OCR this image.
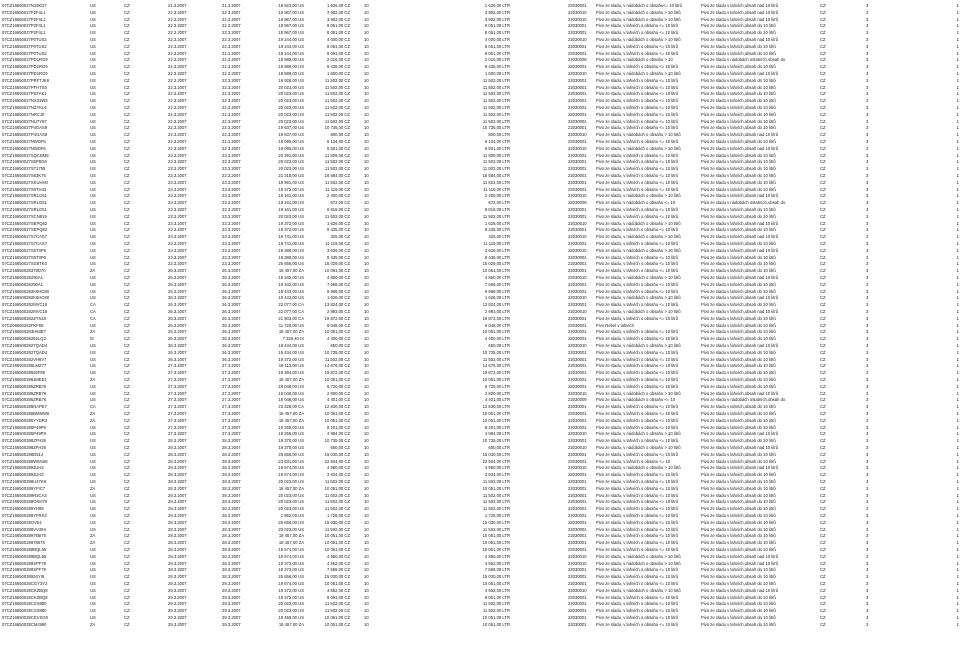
07CZ16650027N18KD7	US	CZ	21.3.2007	21.3.2007	18 923,00 US	1 626,00 CZ	10	1 626,00 LTR	22030001	Pivo ze sladu, v nádobách o obsahu<= 10 litrů	Pivo ze sladu v lahvích,obsah nad 10 litrů	CZ	3	1
07CZ16650027P2F4L1	US	CZ	22.3.2007	22.3.2007	18 967,00 US	3 902,00 CZ	10	3 902,00 LTR	22030010	Pivo ze sladu, v nádobách o obsahu > 10 litrů	Pivo ze sladu v lahvích,obsah nad 10 litrů	CZ	3	1
07CZ16650027P2F4L1	US	CZ	22.3.2007	22.3.2007	18 967,00 US	3 902,00 CZ	10	3 902,00 LTR	22030010	Pivo ze sladu, v nádobách o obsahu > 10 litrů	Pivo ze sladu v lahvích,obsah nad 10 litrů	CZ	3	1
07CZ16650027P2F4L1	US	CZ	22.3.2007	22.3.2007	18 967,00 US	8 051,00 CZ	10	8 051,00 LTR	22030001	Pivo ze sladu, v lahvích o obsahu <= 10 litrů	Pivo ze sladu v lahvích,obsah do 10 litrů	CZ	3	1
07CZ16650027P2F4L1	US	CZ	22.3.2007	22.3.2007	18 967,00 US	8 051,00 CZ	10	8 051,00 LTR	22030001	Pivo ze sladu, v lahvích o obsahu <= 10 litrů	Pivo ze sladu v lahvích,obsah do 10 litrů	CZ	3	1
07CZ16650027P0TUS2	US	CZ	22.3.2007	22.3.2007	19 244,00 US	4 000,00 CZ	10	4 000,00 LTR	22030010	Pivo ze sladu, v nádobách o obsahu > 10 litrů	Pivo ze sladu v lahvích,obsah nad 10 litrů	CZ	3	1
07CZ16650027P0TUS2	US	CZ	22.3.2007	22.3.2007	19 244,00 US	8 051,00 CZ	10	8 051,00 LTR	22030001	Pivo ze sladu, v lahvích o obsahu <= 10 litrů	Pivo ze sladu v lahvích,obsah do 10 litrů	CZ	3	1
07CZ16650027P0TUS2	US	CZ	22.3.2007	22.3.2007	19 244,00 US	8 051,00 CZ	10	8 051,00 LTR	22030001	Pivo ze sladu, v lahvích o obsahu <= 10 litrů	Pivo ze sladu v lahvích,obsah do 10 litrů	CZ	3	1
07CZ16650027PD1RG9	US	CZ	22.3.2007	22.3.2007	18 989,00 US	2 016,00 CZ	10	2 016,00 LTR	22030009	Pivo ze sladu, v nádobách o obsahu > 10	Pivo ze sladu v nádobách ostatních,obsah do	CZ	3	1
07CZ16650027PD1RG9	US	CZ	22.3.2007	22.3.2007	18 989,00 US	8 435,00 CZ	10	8 435,00 LTR	22030001	Pivo ze sladu, v lahvích o obsahu <= 10 litrů	Pivo ze sladu v lahvích,obsah do 10 litrů	CZ	3	1
07CZ16650027PD1RG9	US	CZ	22.3.2007	22.3.2007	18 989,00 US	1 600,00 CZ	10	1 600,00 LTR	22030010	Pivo ze sladu, v nádobách o obsahu > 10 litrů	Pivo ze sladu v lahvích,obsah nad 10 litrů	CZ	3	1
07CZ16650027PRFTJK9	US	CZ	22.3.2007	22.3.2007	19 926,00 US	11 502,00 CZ	10	11 502,00 LTR	22030001	Pivo ze sladu, v lahvích o obsahu <= 10 litrů	Pivo ze sladu v lahvích,obsah do 10 litrů	CZ	3	1
07CZ16650027PFHTS0	US	CZ	22.3.2007	22.3.2007	20 023,00 US	11 502,00 CZ	10	11 502,00 LTR	22030001	Pivo ze sladu, v lahvích o obsahu <= 10 litrů	Pivo ze sladu v lahvích,obsah do 10 litrů	CZ	3	1
07CZ16650027PSFAK1	US	CZ	22.3.2007	22.3.2007	20 023,00 US	11 502,00 CZ	10	11 502,00 LTR	22030001	Pivo ze sladu, v lahvích o obsahu <= 10 litrů	Pivo ze sladu v lahvích,obsah do 10 litrů	CZ	3	1
07CZ16650027NX31W3	US	CZ	22.3.2007	22.3.2007	20 023,00 US	11 502,00 CZ	10	11 502,00 LTR	22030001	Pivo ze sladu, v lahvích o obsahu <= 10 litrů	Pivo ze sladu v lahvích,obsah do 10 litrů	CZ	3	1
07CZ16650027NZYKL6	US	CZ	22.3.2007	22.3.2007	20 023,00 US	11 502,00 CZ	10	11 502,00 LTR	22030001	Pivo ze sladu, v lahvích o obsahu <= 10 litrů	Pivo ze sladu v lahvích,obsah do 10 litrů	CZ	3	1
07CZ16650027NRCJ0	US	CZ	22.3.2007	22.3.2007	20 023,00 US	11 502,00 CZ	10	11 502,00 LTR	22030001	Pivo ze sladu, v lahvích o obsahu <= 10 litrů	Pivo ze sladu v lahvích,obsah do 10 litrů	CZ	3	1
07CZ16650027NU7Y97	US	CZ	22.3.2007	22.3.2007	20 023,00 US	11 502,00 CZ	10	11 502,00 LTR	22030001	Pivo ze sladu, v lahvích o obsahu <= 10 litrů	Pivo ze sladu v lahvích,obsah do 10 litrů	CZ	3	1
07CZ16650027P4GAS8	US	CZ	22.3.2007	22.3.2007	19 637,00 US	10 735,00 CZ	10	10 735,00 LTR	22030001	Pivo ze sladu, v lahvích o obsahu <= 10 litrů	Pivo ze sladu v lahvích,obsah do 10 litrů	CZ	3	1
07CZ16650027P4GAS8	US	CZ	22.3.2007	22.3.2007	19 637,00 US	800,00 CZ	10	800,00 LTR	22030010	Pivo ze sladu, v nádobách o obsahu > 10 litrů	Pivo ze sladu v lahvích,obsah nad 10 litrů	CZ	3	1
07CZ16650027NWDF6	US	CZ	22.3.2007	22.3.2007	19 095,00 US	6 134,00 CZ	10	6 134,00 LTR	22030001	Pivo ze sladu, v lahvích o obsahu <= 10 litrů	Pivo ze sladu v lahvích,obsah do 10 litrů	CZ	3	1
07CZ16650027NWDF6	US	CZ	22.3.2007	22.3.2007	19 095,00 US	6 501,00 CZ	10	6 501,00 LTR	22030010	Pivo ze sladu, v nádobách o obsahu > 10 litrů	Pivo ze sladu v lahvích,obsah nad 10 litrů	CZ	3	1
07CZ16650027SQCBM9	US	CZ	23.3.2007	23.3.2007	20 391,00 US	11 809,00 CZ	10	11 809,00 LTR	22030001	Pivo ze sladu, v lahvích o obsahu <= 10 litrů	Pivo ze sladu v lahvích,obsah do 10 litrů	CZ	3	1
07CZ16650027S5P8G8	US	CZ	23.3.2007	23.3.2007	20 023,00 US	11 502,00 CZ	10	11 502,00 LTR	22030001	Pivo ze sladu, v lahvích o obsahu <= 10 litrů	Pivo ze sladu v lahvích,obsah do 10 litrů	CZ	3	1
07CZ16650027S71755	US	CZ	23.3.2007	23.3.2007	20 023,00 US	11 502,00 CZ	10	11 502,00 LTR	22030001	Pivo ze sladu, v lahvích o obsahu <= 10 litrů	Pivo ze sladu v lahvích,obsah do 10 litrů	CZ	3	1
07CZ16650027S63K76	US	CZ	23.3.2007	23.3.2007	21 318,00 US	16 584,00 CZ	10	16 584,00 LTR	22030001	Pivo ze sladu, v lahvích o obsahu <= 10 litrů	Pivo ze sladu v lahvích,obsah do 10 litrů	CZ	3	1
07CZ16650027SKUHH0	US	CZ	23.3.2007	23.3.2007	19 991,00 US	11 502,00 CZ	10	11 502,00 LTR	22030001	Pivo ze sladu, v lahvích o obsahu <= 10 litrů	Pivo ze sladu v lahvích,obsah do 10 litrů	CZ	3	1
07CZ16650027S9TH43	US	CZ	23.3.2007	23.3.2007	19 372,00 US	11 119,00 CZ	10	11 119,00 LTR	22030001	Pivo ze sladu, v lahvích o obsahu <= 10 litrů	Pivo ze sladu v lahvích,obsah do 10 litrů	CZ	3	1
07CZ16650027SRLG51	US	CZ	23.3.2007	23.3.2007	19 161,00 US	2 400,00 CZ	10	2 400,00 LTR	22030010	Pivo ze sladu, v nádobách o obsahu > 10 litrů	Pivo ze sladu v lahvích,obsah nad 10 litrů	CZ	3	1
07CZ16650027SRLG51	US	CZ	23.3.2007	23.3.2007	19 161,00 US	672,00 CZ	10	672,00 LTR	22030009	Pivo ze sladu, v nádobách o obsahu <= 10	Pivo ze sladu v nádobách ostatních,obsah do	CZ	3	1
07CZ16650027SRLG51	US	CZ	23.3.2007	23.3.2007	19 161,00 US	8 818,00 CZ	10	8 818,00 LTR	22030001	Pivo ze sladu, v lahvích o obsahu <= 10 litrů	Pivo ze sladu v lahvích,obsah do 10 litrů	CZ	3	1
07CZ16650027SCN919	US	CZ	23.3.2007	23.3.2007	20 023,00 US	11 502,00 CZ	10	11 502,00 LTR	22030001	Pivo ze sladu, v lahvích o obsahu <= 10 litrů	Pivo ze sladu v lahvích,obsah do 10 litrů	CZ	3	1
07CZ16650027SEPQ82	US	CZ	23.3.2007	23.3.2007	19 372,00 US	1 626,00 CZ	10	1 626,00 LTR	22030010	Pivo ze sladu, v nádobách o obsahu > 10 litrů	Pivo ze sladu v lahvích,obsah nad 10 litrů	CZ	3	1
07CZ16650027SEPQ82	US	CZ	23.3.2007	23.3.2007	19 372,00 US	8 435,00 CZ	10	8 435,00 LTR	22030001	Pivo ze sladu, v lahvích o obsahu <= 10 litrů	Pivo ze sladu v lahvích,obsah do 10 litrů	CZ	3	1
07CZ16650027S7CAS7	US	CZ	23.3.2007	23.3.2007	19 741,00 US	325,00 CZ	10	325,00 LTR	22030010	Pivo ze sladu, v nádobách o obsahu > 10 litrů	Pivo ze sladu v lahvích,obsah nad 10 litrů	CZ	3	1
07CZ16650027S7CAS7	US	CZ	23.3.2007	23.3.2007	19 741,00 US	11 119,00 CZ	10	11 119,00 LTR	22030001	Pivo ze sladu, v lahvích o obsahu <= 10 litrů	Pivo ze sladu v lahvích,obsah do 10 litrů	CZ	3	1
07CZ16650027S5T3P6	US	CZ	23.3.2007	23.3.2007	19 388,00 US	3 626,00 CZ	10	3 626,00 LTR	22030010	Pivo ze sladu, v nádobách o obsahu > 10 litrů	Pivo ze sladu v lahvích,obsah nad 10 litrů	CZ	3	1
07CZ16650027S5T3P6	US	CZ	23.3.2007	23.3.2007	19 388,00 US	8 435,00 CZ	10	8 435,00 LTR	22030001	Pivo ze sladu, v lahvích o obsahu <= 10 litrů	Pivo ze sladu v lahvích,obsah do 10 litrů	CZ	3	1
07CZ16650027SG8TK0	US	CZ	23.3.2007	23.3.2007	25 656,00 US	15 029,00 CZ	10	15 029,00 LTR	22030001	Pivo ze sladu, v lahvích o obsahu <= 10 litrů	Pivo ze sladu v lahvích,obsah do 10 litrů	CZ	3	1
07CZ16650028379D70	ZA	CZ	26.3.2007	26.3.2007	18 457,00 ZA	10 051,00 CZ	10	10 051,00 LTR	22030001	Pivo ze sladu, v lahvích o obsahu <= 10 litrů	Pivo ze sladu v lahvích,obsah do 10 litrů	CZ	3	1
07CZ16650028290A1	US	CZ	26.3.2007	26.3.2007	19 342,00 US	4 850,00 CZ	10	4 850,00 LTR	22030010	Pivo ze sladu, v nádobách o obsahu > 10 litrů	Pivo ze sladu v lahvích,obsah nad 10 litrů	CZ	3	1
07CZ16650028290A1	US	CZ	26.3.2007	26.3.2007	19 342,00 US	7 668,00 CZ	10	7 668,00 LTR	22030001	Pivo ze sladu, v lahvích o obsahu <= 10 litrů	Pivo ze sladu v lahvích,obsah do 10 litrů	CZ	3	1
07CZ166500282K6HC80	US	CZ	26.3.2007	26.3.2007	19 443,00 US	9 968,00 CZ	10	9 968,00 LTR	22030001	Pivo ze sladu, v lahvích o obsahu <= 10 litrů	Pivo ze sladu v lahvích,obsah do 10 litrů	CZ	3	1
07CZ166500282K6HC80	US	CZ	26.3.2007	26.3.2007	19 443,00 US	1 626,00 CZ	10	1 626,00 LTR	22030010	Pivo ze sladu, v nádobách o obsahu > 10 litrů	Pivo ze sladu v lahvích,obsah nad 10 litrů	CZ	3	1
07CZ166500282MVC16	CA	CZ	26.3.2007	26.3.2007	22 077,00 CA	13 824,00 CZ	10	13 824,00 LTR	22030001	Pivo ze sladu, v lahvích o obsahu <= 10 litrů	Pivo ze sladu v lahvích,obsah do 10 litrů	CZ	3	1
07CZ166500282MVC16	CA	CZ	26.3.2007	26.3.2007	22 077,00 CA	2 993,00 CZ	10	2 993,00 LTR	22030010	Pivo ze sladu, v nádobách o obsahu > 10 litrů	Pivo ze sladu v lahvích,obsah nad 10 litrů	CZ	3	1
07CZ166500282ZYN10	CA	CZ	26.3.2007	26.3.2007	21 903,00 CA	19 872,00 CZ	10	19 872,00 LTR	22030001	Pivo ze sladu, v lahvích o obsahu <= 10 litrů	Pivo ze sladu v lahvích,obsah do 10 litrů	CZ	3	1
07CZ06660282FKF69	US	CZ	26.3.2007	26.3.2007	11 720,00 US	6 048,00 CZ	10	6 048,00 LTR	22030001	Pivo Rebel v lahvích	Pivo ze sladu v lahvích,obsah do 10 litrů	CZ	3	1
07CZ166500283H93E7	ZA	CZ	26.3.2007	26.3.2007	18 457,00 ZA	10 051,00 CZ	10	10 051,00 LTR	22030001	Pivo ze sladu, v lahvích o obsahu <= 10 litrů	Pivo ze sladu v lahvích,obsah do 10 litrů	CZ	3	1
07CZ16650028262LQ3	IS	CZ	26.3.2007	26.3.2007	7 326,40 IS	4 400,00 CZ	10	4 400,00 LTR	22030001	Pivo ze sladu, v lahvích o obsahu <= 10 litrů	Pivo ze sladu v lahvích,obsah do 10 litrů	CZ	3	1
07CZ166500282TQAD4	US	CZ	26.3.2007	26.3.2007	19 434,00 US	650,00 CZ	10	650,00 LTR	22030010	Pivo ze sladu, v nádobách o obsahu > 10 litrů	Pivo ze sladu v lahvích,obsah nad 10 litrů	CZ	3	1
07CZ166500282TQAD4	US	CZ	26.3.2007	26.3.2007	19 434,00 US	10 735,00 CZ	10	10 735,00 LTR	22030001	Pivo ze sladu, v lahvích o obsahu <= 10 litrů	Pivo ze sladu v lahvích,obsah do 10 litrů	CZ	3	1
07CZ166500282VH8V7	US	CZ	26.3.2007	26.3.2007	19 372,00 US	11 502,00 CZ	10	11 502,00 LTR	22030001	Pivo ze sladu, v lahvích o obsahu <= 10 litrů	Pivo ze sladu v lahvích,obsah do 10 litrů	CZ	3	1
07CZ166500285LMZ77	US	CZ	27.3.2007	27.3.2007	19 113,00 US	14 676,00 CZ	10	14 676,00 LTR	22030001	Pivo ze sladu, v lahvích o obsahu <= 10 litrů	Pivo ze sladu v lahvích,obsah do 10 litrů	CZ	3	1
07CZ16650028592F86	US	CZ	27.3.2007	27.3.2007	19 394,00 US	19 872,00 CZ	10	19 872,00 LTR	22030001	Pivo ze sladu, v lahvích o obsahu <= 10 litrů	Pivo ze sladu v lahvích,obsah do 10 litrů	CZ	3	1
07CZ166500286JMEE1	ZA	CZ	27.3.2007	27.3.2007	18 457,00 ZA	10 051,00 CZ	10	10 051,00 LTR	22030001	Pivo ze sladu, v lahvích o obsahu <= 10 litrů	Pivo ze sladu v lahvích,obsah do 10 litrů	CZ	3	1
07CZ166500285ZRB76	US	CZ	27.3.2007	27.3.2007	19 048,00 US	6 720,00 CZ	10	6 720,00 LTR	22030001	Pivo ze sladu, v lahvích o obsahu <= 10 litrů	Pivo ze sladu v lahvích,obsah do 10 litrů	CZ	3	1
07CZ166500285ZRB76	US	CZ	27.3.2007	27.3.2007	19 048,00 US	2 800,00 CZ	10	2 800,00 LTR	22030010	Pivo ze sladu, v nádobách o obsahu > 10 litrů	Pivo ze sladu v lahvích,obsah nad 10 litrů	CZ	3	1
07CZ166500285ZRB76	US	CZ	27.3.2007	27.3.2007	19 048,00 US	4 401,00 CZ	10	4 401,00 LTR	22030009	Pivo ze sladu, v nádobách o obsahu <= 10	Pivo ze sladu v nádobách ostatních,obsah do	CZ	3	1
07CZ166500285NAPE7	CA	CZ	27.3.2007	27.3.2007	23 328,00 CA	12 830,00 CZ	10	12 830,00 LTR	22030001	Pivo ze sladu, v lahvích o obsahu <= 10 litrů	Pivo ze sladu v lahvích,obsah do 10 litrů	CZ	3	1
07CZ166500286BMMW6	ZA	CZ	27.3.2007	27.3.2007	18 457,00 ZA	10 051,00 CZ	10	10 051,00 LTR	22030001	Pivo ze sladu, v lahvích o obsahu <= 10 litrů	Pivo ze sladu v lahvích,obsah do 10 litrů	CZ	3	1
07CZ166500285YYDR3	ZA	CZ	27.3.2007	27.3.2007	18 457,00 ZA	10 051,00 CZ	10	10 051,00 LTR	22030001	Pivo ze sladu, v lahvích o obsahu <= 10 litrů	Pivo ze sladu v lahvích,obsah do 10 litrů	CZ	3	1
07CZ166500285P49P9	US	CZ	27.3.2007	27.3.2007	19 255,00 US	8 201,00 CZ	10	8 201,00 LTR	22030001	Pivo ze sladu, v lahvích o obsahu <= 10 litrů	Pivo ze sladu v lahvích,obsah do 10 litrů	CZ	3	1
07CZ166500285P49P9	US	CZ	27.3.2007	27.3.2007	19 255,00 US	4 984,00 CZ	10	4 984,00 LTR	22030010	Pivo ze sladu, v nádobách o obsahu > 10 litrů	Pivo ze sladu v lahvích,obsah nad 10 litrů	CZ	3	1
07CZ166500288ZFH26	US	CZ	28.3.2007	28.3.2007	19 370,00 US	10 735,00 CZ	10	10 735,00 LTR	22030001	Pivo ze sladu, v lahvích o obsahu <= 10 litrů	Pivo ze sladu v lahvích,obsah do 10 litrů	CZ	3	1
07CZ166500288ZFH26	US	CZ	28.3.2007	28.3.2007	19 370,00 US	650,00 CZ	10	650,00 LTR	22030010	Pivo ze sladu, v nádobách o obsahu > 10 litrů	Pivo ze sladu v lahvích,obsah nad 10 litrů	CZ	3	1
07CZ166500288D514	US	CZ	28.3.2007	28.3.2007	25 656,00 US	15 030,00 CZ	10	15 030,00 LTR	22030001	Pivo ze sladu, v lahvích o obsahu <= 10 litrů	Pivo ze sladu v lahvích,obsah do 10 litrů	CZ	3	1
07CZ166500288W5NS8	US	CZ	28.3.2007	28.3.2007	23 631,00 US	22 504,00 CZ	10	22 504,00 LTR	22030001	Pivo ze sladu, v lahvích o obsahu <= 10	Pivo ze sladu v lahvích,obsah do 10 litrů	CZ	3	1
07CZ166500289JUH2	US	CZ	28.3.2007	28.3.2007	19 574,00 US	4 950,00 CZ	10	4 950,00 LTR	22030010	Pivo ze sladu, v nádobách o obsahu > 10 litrů	Pivo ze sladu v lahvích,obsah nad 10 litrů	CZ	3	1
07CZ166500289JUH2	US	CZ	28.3.2007	28.3.2007	19 574,00 US	3 834,00 CZ	10	3 834,00 LTR	22030001	Pivo ze sladu, v lahvích o obsahu <= 10 litrů	Pivo ze sladu v lahvích,obsah do 10 litrů	CZ	3	1
07CZ166500288U47K9	US	CZ	28.3.2007	28.3.2007	20 023,00 US	11 502,00 CZ	10	11 502,00 LTR	22030001	Pivo ze sladu, v lahvích o obsahu <= 10 litrů	Pivo ze sladu v lahvích,obsah do 10 litrů	CZ	3	1
07CZ166500289YFIC7	ZA	CZ	28.3.2007	28.3.2007	18 457,00 ZA	10 051,00 CZ	10	10 051,00 LTR	22030001	Pivo ze sladu, v lahvích o obsahu <= 10 litrů	Pivo ze sladu v lahvích,obsah do 10 litrů	CZ	3	1
07CZ166500289R2CA3	US	CZ	28.3.2007	28.3.2007	20 023,00 US	11 502,00 CZ	10	11 502,00 LTR	22030001	Pivo ze sladu, v lahvích o obsahu <= 10 litrů	Pivo ze sladu v lahvích,obsah do 10 litrů	CZ	3	1
07CZ166500289ONH70	US	CZ	28.3.2007	28.3.2007	20 023,00 US	11 502,00 CZ	10	11 502,00 LTR	22030001	Pivo ze sladu, v lahvích o obsahu <= 10 litrů	Pivo ze sladu v lahvích,obsah do 10 litrů	CZ	3	1
07CZ166500289YH95	US	CZ	28.3.2007	28.3.2007	20 023,00 US	11 502,00 CZ	10	11 502,00 LTR	22030001	Pivo ze sladu, v lahvích o obsahu <= 10 litrů	Pivo ze sladu v lahvích,obsah do 10 litrů	CZ	3	1
07CZ166500289YFRK3	US	CZ	28.3.2007	28.3.2007	1 852,00 US	1 728,00 CZ	10	1 728,00 LTR	22030001	Pivo ze sladu, v lahvích o obsahu <= 10 litrů	Pivo ze sladu v lahvích,obsah do 10 litrů	CZ	3	1
07CZ16650028OVII4	US	CZ	28.3.2007	28.3.2007	25 656,00 US	15 030,00 CZ	10	15 030,00 LTR	22030001	Pivo ze sladu, v lahvích o obsahu <= 10 litrů	Pivo ze sladu v lahvích,obsah do 10 litrů	CZ	3	1
07CZ166500288VV494	US	CZ	28.3.2007	28.3.2007	20 023,00 US	11 502,00 CZ	10	11 502,00 LTR	22030001	Pivo ze sladu, v lahvích o obsahu <= 10 litrů	Pivo ze sladu v lahvích,obsah do 10 litrů	CZ	3	1
07CZ166500289785I76	ZA	CZ	28.3.2007	28.3.2007	18 457,00 ZA	10 051,00 CZ	10	10 051,00 LTR	22030001	Pivo ze sladu, v lahvích o obsahu <= 10 litrů	Pivo ze sladu v lahvích,obsah do 10 litrů	CZ	3	1
07CZ16650028978576	ZA	CZ	28.3.2007	28.3.2007	18 457,00 ZA	10 051,00 CZ	10	10 051,00 LTR	22030001	Pivo ze sladu, v lahvích o obsahu <= 10 litrů	Pivo ze sladu v lahvích,obsah do 10 litrů	CZ	3	1
07CZ166500289BQL55	US	CZ	28.3.2007	28.3.2007	19 574,00 US	10 051,00 CZ	10	10 051,00 LTR	22030001	Pivo ze sladu, v lahvích o obsahu <= 10 litrů	Pivo ze sladu v lahvích,obsah do 10 litrů	CZ	3	1
07CZ166500289BQL55	US	CZ	28.3.2007	28.3.2007	19 574,00 US	4 950,00 CZ	10	4 950,00 LTR	22030010	Pivo ze sladu, v nádobách o obsahu > 10 litrů	Pivo ze sladu v lahvích,obsah nad 10 litrů	CZ	3	1
07CZ166500289SPF79	US	CZ	28.3.2007	28.3.2007	19 373,00 US	4 552,00 CZ	10	4 552,00 LTR	22030010	Pivo ze sladu, v nádobách o obsahu > 10 litrů	Pivo ze sladu v lahvích,obsah nad 10 litrů	CZ	3	1
07CZ166500289SPF79	US	CZ	28.3.2007	28.3.2007	19 373,00 US	7 668,00 CZ	10	7 668,00 LTR	22030001	Pivo ze sladu, v lahvích o obsahu <= 10 litrů	Pivo ze sladu v lahvích,obsah do 10 litrů	CZ	3	1
07CZ16650028934YI6	US	CZ	28.3.2007	28.3.2007	25 656,00 US	15 030,00 CZ	10	15 030,00 LTR	22030001	Pivo ze sladu, v lahvích o obsahu <= 10 litrů	Pivo ze sladu v lahvích,obsah do 10 litrů	CZ	3	1
07CZ16650028CGY3Y2	US	CZ	29.3.2007	29.3.2007	19 574,00 US	10 051,00 CZ	10	10 051,00 LTR	22030001	Pivo ze sladu, v lahvích o obsahu <= 10 litrů	Pivo ze sladu v lahvích,obsah do 10 litrů	CZ	3	1
07CZ16650028CKZBQ8	US	CZ	29.3.2007	29.3.2007	19 372,00 US	4 552,00 CZ	10	4 552,00 LTR	22030010	Pivo ze sladu, v nádobách o obsahu > 10 litrů	Pivo ze sladu v lahvích,obsah nad 10 litrů	CZ	3	1
07CZ16650028CKZBQ8	US	CZ	29.3.2007	29.3.2007	19 372,00 US	8 051,00 CZ	10	8 051,00 LTR	22030001	Pivo ze sladu, v lahvích o obsahu <= 10 litrů	Pivo ze sladu v lahvích,obsah do 10 litrů	CZ	3	1
07CZ16650028CSS880	US	CZ	29.3.2007	29.3.2007	20 023,00 US	11 502,00 CZ	10	11 502,00 LTR	22030001	Pivo ze sladu, v lahvích o obsahu <= 10 litrů	Pivo ze sladu v lahvích,obsah do 10 litrů	CZ	3	1
07CZ16650028CSS880	US	CZ	29.3.2007	29.3.2007	20 023,00 US	11 502,00 CZ	10	11 502,00 LTR	22030001	Pivo ze sladu, v lahvích o obsahu <= 10 litrů	Pivo ze sladu v lahvích,obsah do 10 litrů	CZ	3	1
07CZ16650028CEVSG8	US	CZ	29.3.2007	29.3.2007	19 458,00 US	10 051,00 CZ	10	10 051,00 LTR	22030001	Pivo ze sladu, v lahvích o obsahu <= 10 litrů	Pivo ze sladu v lahvích,obsah do 10 litrů	CZ	3	1
07CZ16650028CMJ990	ZA	CZ	29.3.2007	29.3.2007	18 457,00 ZA	10 051,00 CZ	10	10 051,00 LTR	22030001	Pivo ze sladu, v lahvích o obsahu <= 10 litrů	Pivo ze sladu v lahvích,obsah do 10 litrů	CZ	3	1
